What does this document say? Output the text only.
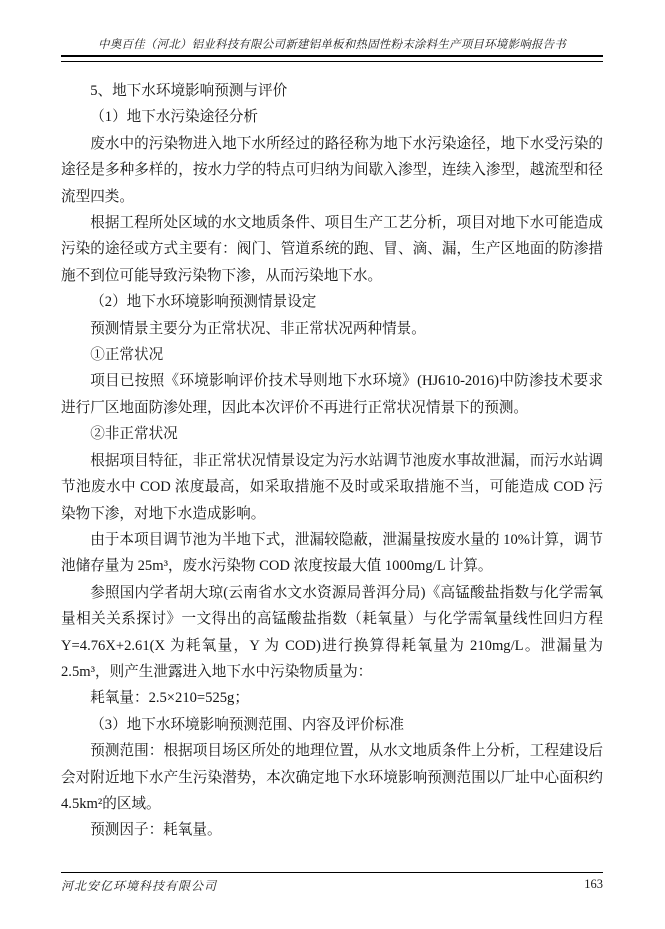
中奥百佳（河北）铝业科技有限公司新建铝单板和热固性粉末涂料生产项目环境影响报告书

5、地下水环境影响预测与评价

（1）地下水污染途径分析

废水中的污染物进入地下水所经过的路径称为地下水污染途径，地下水受污染的途径是多种多样的，按水力学的特点可归纳为间歇入渗型，连续入渗型，越流型和径流型四类。

根据工程所处区域的水文地质条件、项目生产工艺分析，项目对地下水可能造成污染的途径或方式主要有：阀门、管道系统的跑、冒、滴、漏，生产区地面的防渗措施不到位可能导致污染物下渗，从而污染地下水。

（2）地下水环境影响预测情景设定

预测情景主要分为正常状况、非正常状况两种情景。

①正常状况

项目已按照《环境影响评价技术导则地下水环境》(HJ610-2016)中防渗技术要求进行厂区地面防渗处理，因此本次评价不再进行正常状况情景下的预测。

②非正常状况

根据项目特征，非正常状况情景设定为污水站调节池废水事故泄漏，而污水站调节池废水中 COD 浓度最高，如采取措施不及时或采取措施不当，可能造成 COD 污染物下渗，对地下水造成影响。

由于本项目调节池为半地下式，泄漏较隐蔽，泄漏量按废水量的 10%计算，调节池储存量为 25m³，废水污染物 COD 浓度按最大值 1000mg/L 计算。

参照国内学者胡大琼(云南省水文水资源局普洱分局)《高锰酸盐指数与化学需氧量相关关系探讨》一文得出的高锰酸盐指数（耗氧量）与化学需氧量线性回归方程 Y=4.76X+2.61(X 为耗氧量，Y 为 COD)进行换算得耗氧量为 210mg/L。泄漏量为 2.5m³，则产生泄露进入地下水中污染物质量为：

耗氧量：2.5×210=525g；

（3）地下水环境影响预测范围、内容及评价标准

预测范围：根据项目场区所处的地理位置，从水文地质条件上分析，工程建设后会对附近地下水产生污染潜势，本次确定地下水环境影响预测范围以厂址中心面积约 4.5km²的区域。

预测因子：耗氧量。

河北安亿环境科技有限公司	163
